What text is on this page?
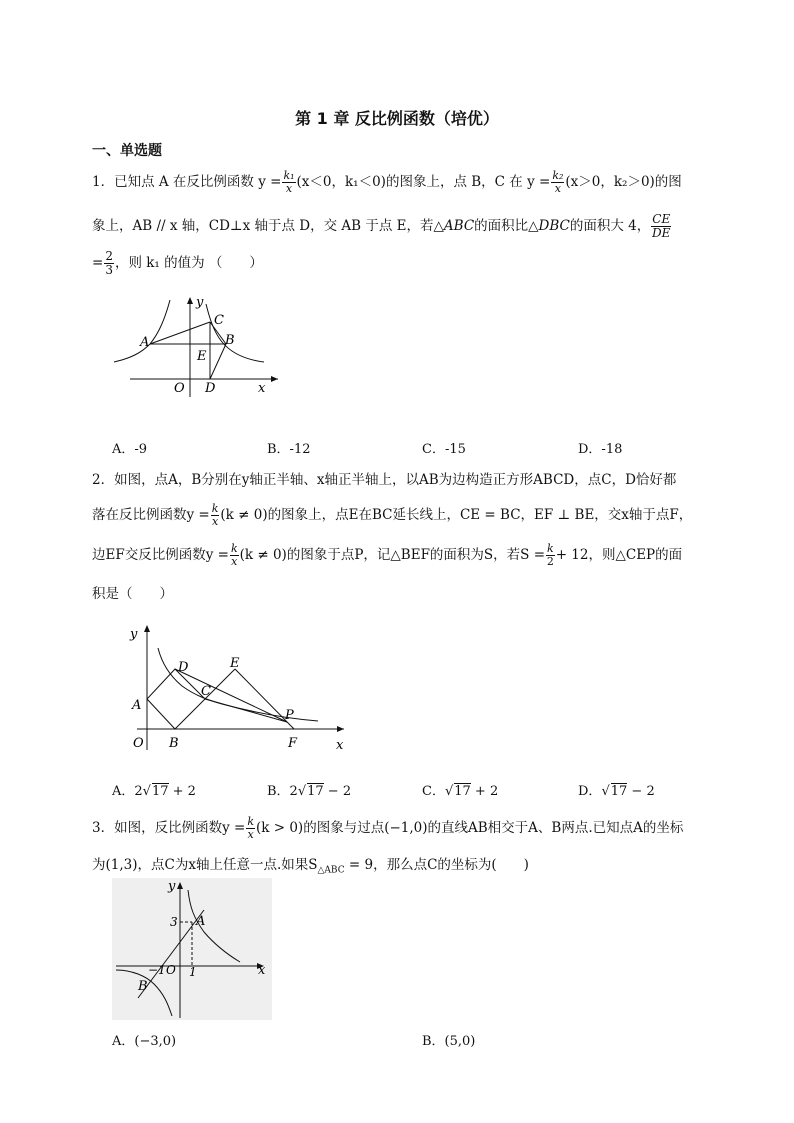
第 1 章 反比例函数（培优）
一、单选题
1．已知点 A 在反比例函数 $y = \frac{\text{k₁}}{x} (x<0$，k₁＜0)的图象上，点 B，C 在 $y = \frac{\text{k₂}}{x} (x>0$，k₂＞0)的图
象上，AB // x 轴，CD⊥x 轴于点 D，交 AB 于点 E，若△ABC的面积比△DBC的面积大 4， $\frac{CE}{DE}$
= $\frac{2}{3}$ ，则 k₁ 的值为 （　　）
A	B
C
D
E
O	x
y
A．-9	B．-12	C．-15	D．-18
2．如图，点A，B分别在y轴正半轴、x轴正半轴上，以AB为边构造正方形ABCD，点C，D恰好都
落在反比例函数$y = \frac{k}{x} (k \ne 0)$的图象上，点E在BC延长线上，CE = BC，EF ⊥ BE，交x轴于点F，
边EF交反比例函数$y = \frac{k}{x} (k \ne 0)$的图象于点P，记△BEF的面积为S，若$S = \frac{k}{2} + 12$，则△CEP的面
积是（　　）
A
B
C
D	E
F
P
O	x
y
A．2√17 + 2	B．2√17 − 2	C．√17 + 2	D．√17 − 2
3．如图，反比例函数$y = \frac{k}{x} (k > 0)$的图象与过点(−1,0)的直线AB相交于A、B两点.已知点A的坐标
为(1,3)，点C为x轴上任意一点.如果$S_{\triangle ABC} = 9$，那么点C的坐标为(　　)
A
B
O	x
y
3
1
−1
A．(−3,0)	B．(5,0)
